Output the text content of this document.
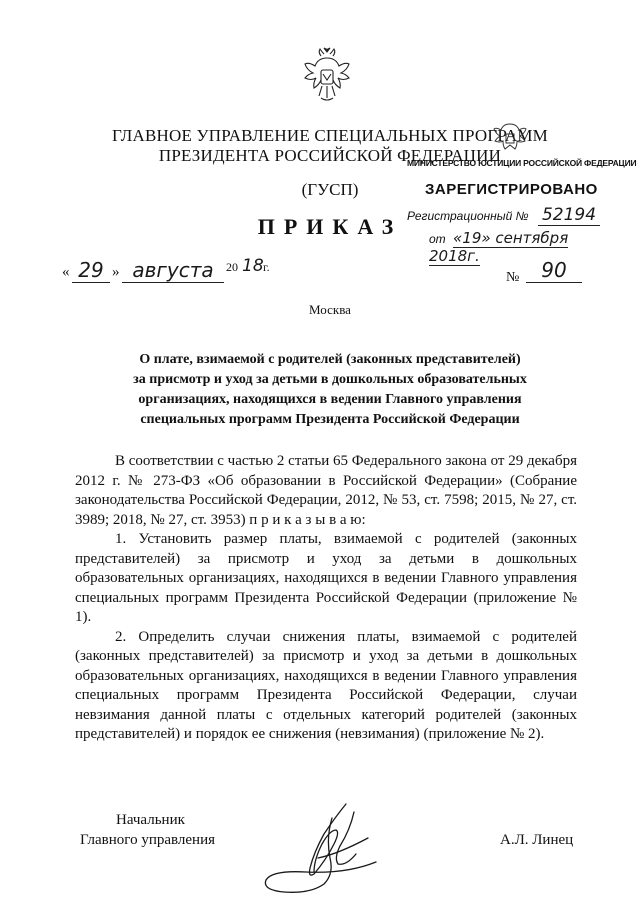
ГЛАВНОЕ УПРАВЛЕНИЕ СПЕЦИАЛЬНЫХ ПРОГРАММ
ПРЕЗИДЕНТА РОССИЙСКОЙ ФЕДЕРАЦИИ
(ГУСП)
ПРИКАЗ
МИНИСТЕРСТВО ЮСТИЦИИ РОССИЙСКОЙ ФЕДЕРАЦИИ
ЗАРЕГИСТРИРОВАНО
Регистрационный № 52194
от «19» сентября 2018г.
« 29 » августа	20 18 г.
№	90
Москва
О плате, взимаемой с родителей (законных представителей)
за присмотр и уход за детьми в дошкольных образовательных
организациях, находящихся в ведении Главного управления
специальных программ Президента Российской Федерации

В соответствии с частью 2 статьи 65 Федерального закона от 29 декабря 2012 г. № 273-ФЗ «Об образовании в Российской Федерации» (Собрание законодательства Российской Федерации, 2012, № 53, ст. 7598; 2015, № 27, ст. 3989; 2018, № 27, ст. 3953) п р и к а з ы в а ю:

1. Установить размер платы, взимаемой с родителей (законных представителей) за присмотр и уход за детьми в дошкольных образовательных организациях, находящихся в ведении Главного управления специальных программ Президента Российской Федерации (приложение № 1).

2. Определить случаи снижения платы, взимаемой с родителей (законных представителей) за присмотр и уход за детьми в дошкольных образовательных организациях, находящихся в ведении Главного управления специальных программ Президента Российской Федерации, случаи невзимания данной платы с отдельных категорий родителей (законных представителей) и порядок ее снижения (невзимания) (приложение № 2).

Начальник
Главного управления	А.Л. Линец
